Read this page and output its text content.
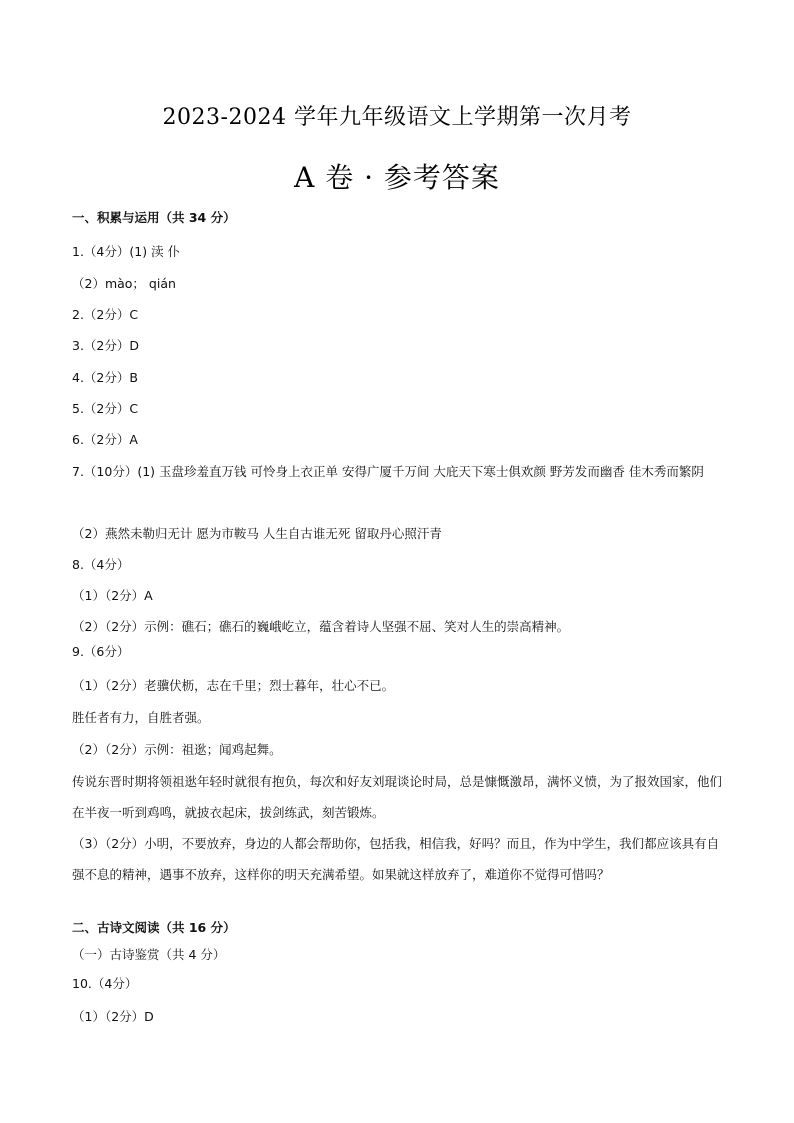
2023-2024 学年九年级语文上学期第一次月考
A 卷 · 参考答案
一、积累与运用（共 34 分）
1.（4分）(1) 渎 仆
（2）mào； qián
2.（2分）C
3.（2分）D
4.（2分）B
5.（2分）C
6.（2分）A
7.（10分）(1) 玉盘珍羞直万钱 可怜身上衣正单 安得广厦千万间 大庇天下寒士俱欢颜 野芳发而幽香 佳木秀而繁阴
（2）燕然未勒归无计 愿为市鞍马 人生自古谁无死 留取丹心照汗青
8.（4分）
（1）（2分）A
（2）（2分）示例：礁石；礁石的巍峨屹立，蕴含着诗人坚强不屈、笑对人生的崇高精神。
9.（6分）
（1）（2分）老骥伏枥，志在千里；烈士暮年，壮心不已。
胜任者有力，自胜者强。
（2）（2分）示例：祖逖；闻鸡起舞。
传说东晋时期将领祖逖年轻时就很有抱负，每次和好友刘琨谈论时局，总是慷慨激昂，满怀义愤，为了报效国家，他们在半夜一听到鸡鸣，就披衣起床，拔剑练武，刻苦锻炼。
（3）（2分）小明，不要放弃，身边的人都会帮助你，包括我，相信我，好吗？而且，作为中学生，我们都应该具有自强不息的精神，遇事不放弃，这样你的明天充满希望。如果就这样放弃了，难道你不觉得可惜吗？
二、古诗文阅读（共 16 分）
（一）古诗鉴赏（共 4 分）
10.（4分）
（1）（2分）D
